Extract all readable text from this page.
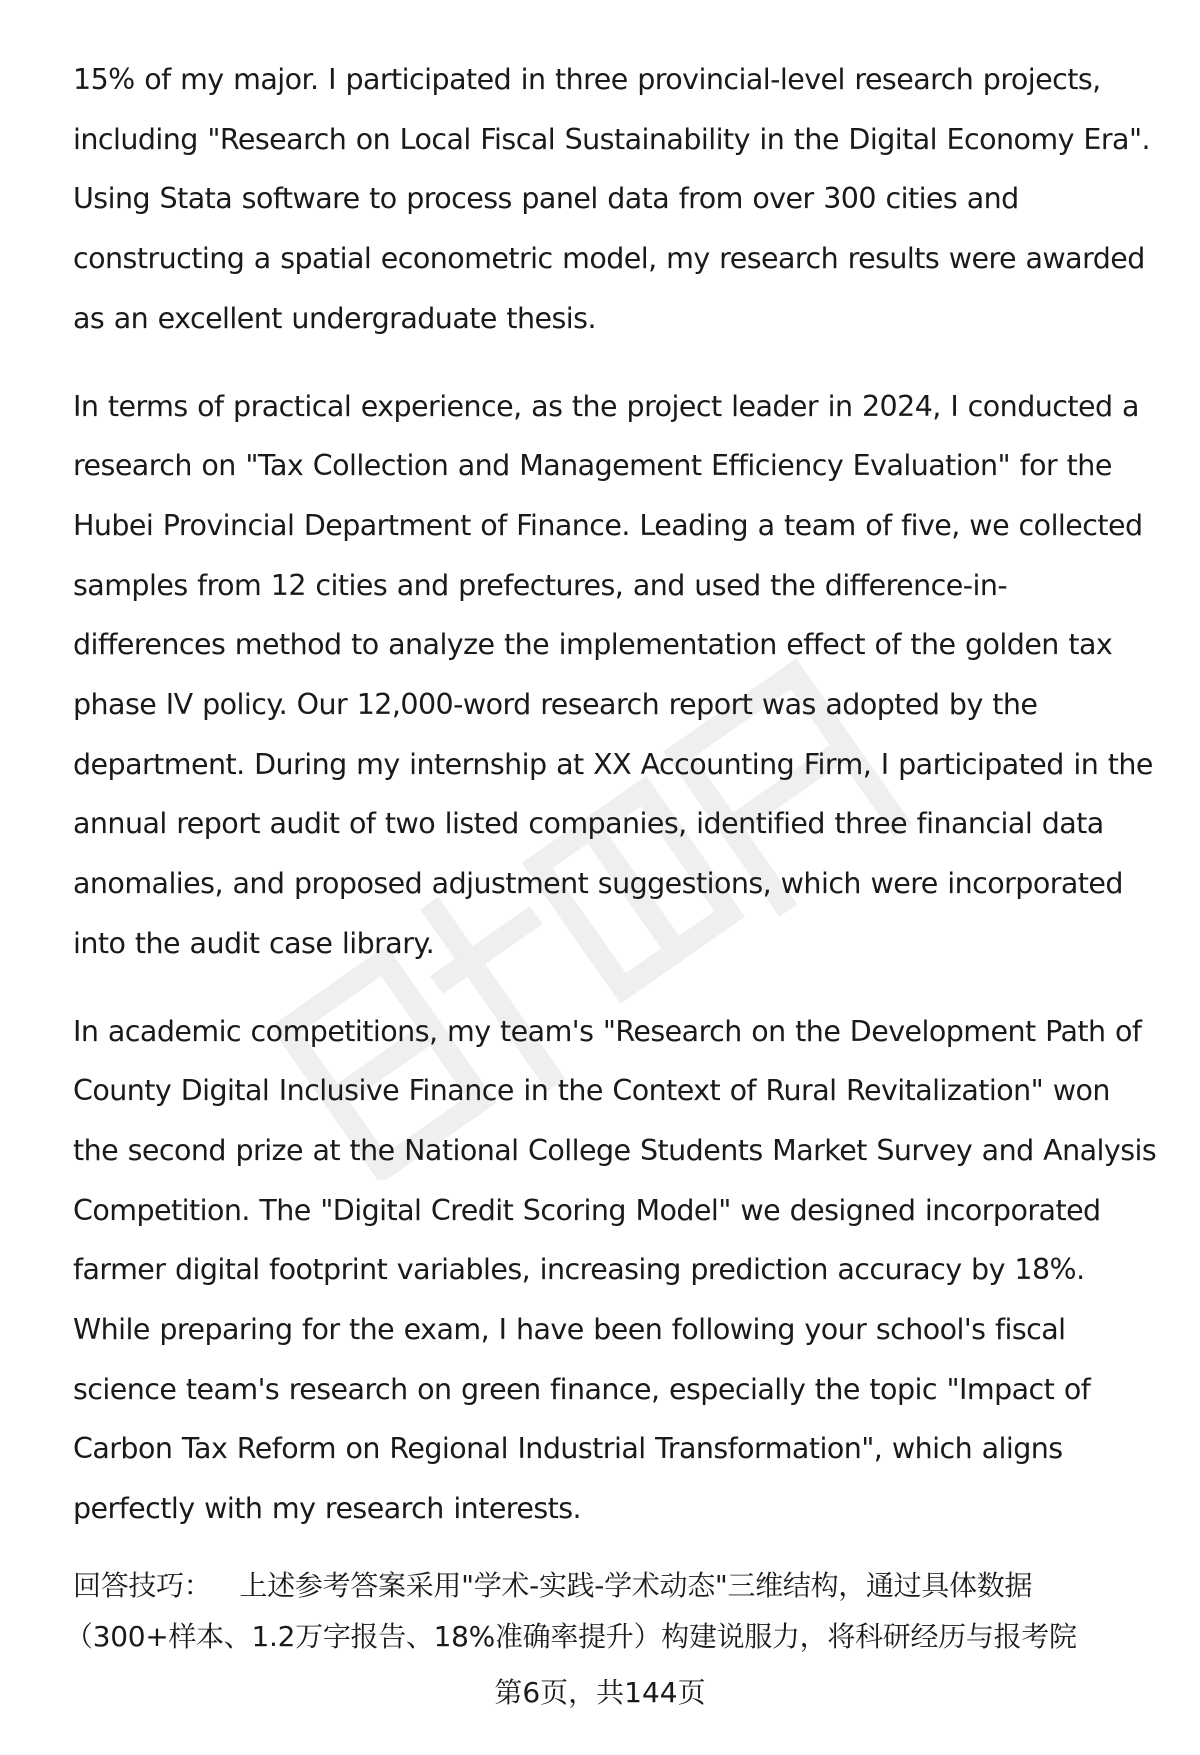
15% of my major. I participated in three provincial-level research projects, including "Research on Local Fiscal Sustainability in the Digital Economy Era". Using Stata software to process panel data from over 300 cities and constructing a spatial econometric model, my research results were awarded as an excellent undergraduate thesis.

In terms of practical experience, as the project leader in 2024, I conducted a research on "Tax Collection and Management Efficiency Evaluation" for the Hubei Provincial Department of Finance. Leading a team of five, we collected samples from 12 cities and prefectures, and used the difference-in-differences method to analyze the implementation effect of the golden tax phase IV policy. Our 12,000-word research report was adopted by the department. During my internship at XX Accounting Firm, I participated in the annual report audit of two listed companies, identified three financial data anomalies, and proposed adjustment suggestions, which were incorporated into the audit case library.

In academic competitions, my team's "Research on the Development Path of County Digital Inclusive Finance in the Context of Rural Revitalization" won the second prize at the National College Students Market Survey and Analysis Competition. The "Digital Credit Scoring Model" we designed incorporated farmer digital footprint variables, increasing prediction accuracy by 18%. While preparing for the exam, I have been following your school's fiscal science team's research on green finance, especially the topic "Impact of Carbon Tax Reform on Regional Industrial Transformation", which aligns perfectly with my research interests.

回答技巧： 上述参考答案采用"学术-实践-学术动态"三维结构，通过具体数据
（300+样本、1.2万字报告、18%准确率提升）构建说服力，将科研经历与报考院
第6页，共144页
